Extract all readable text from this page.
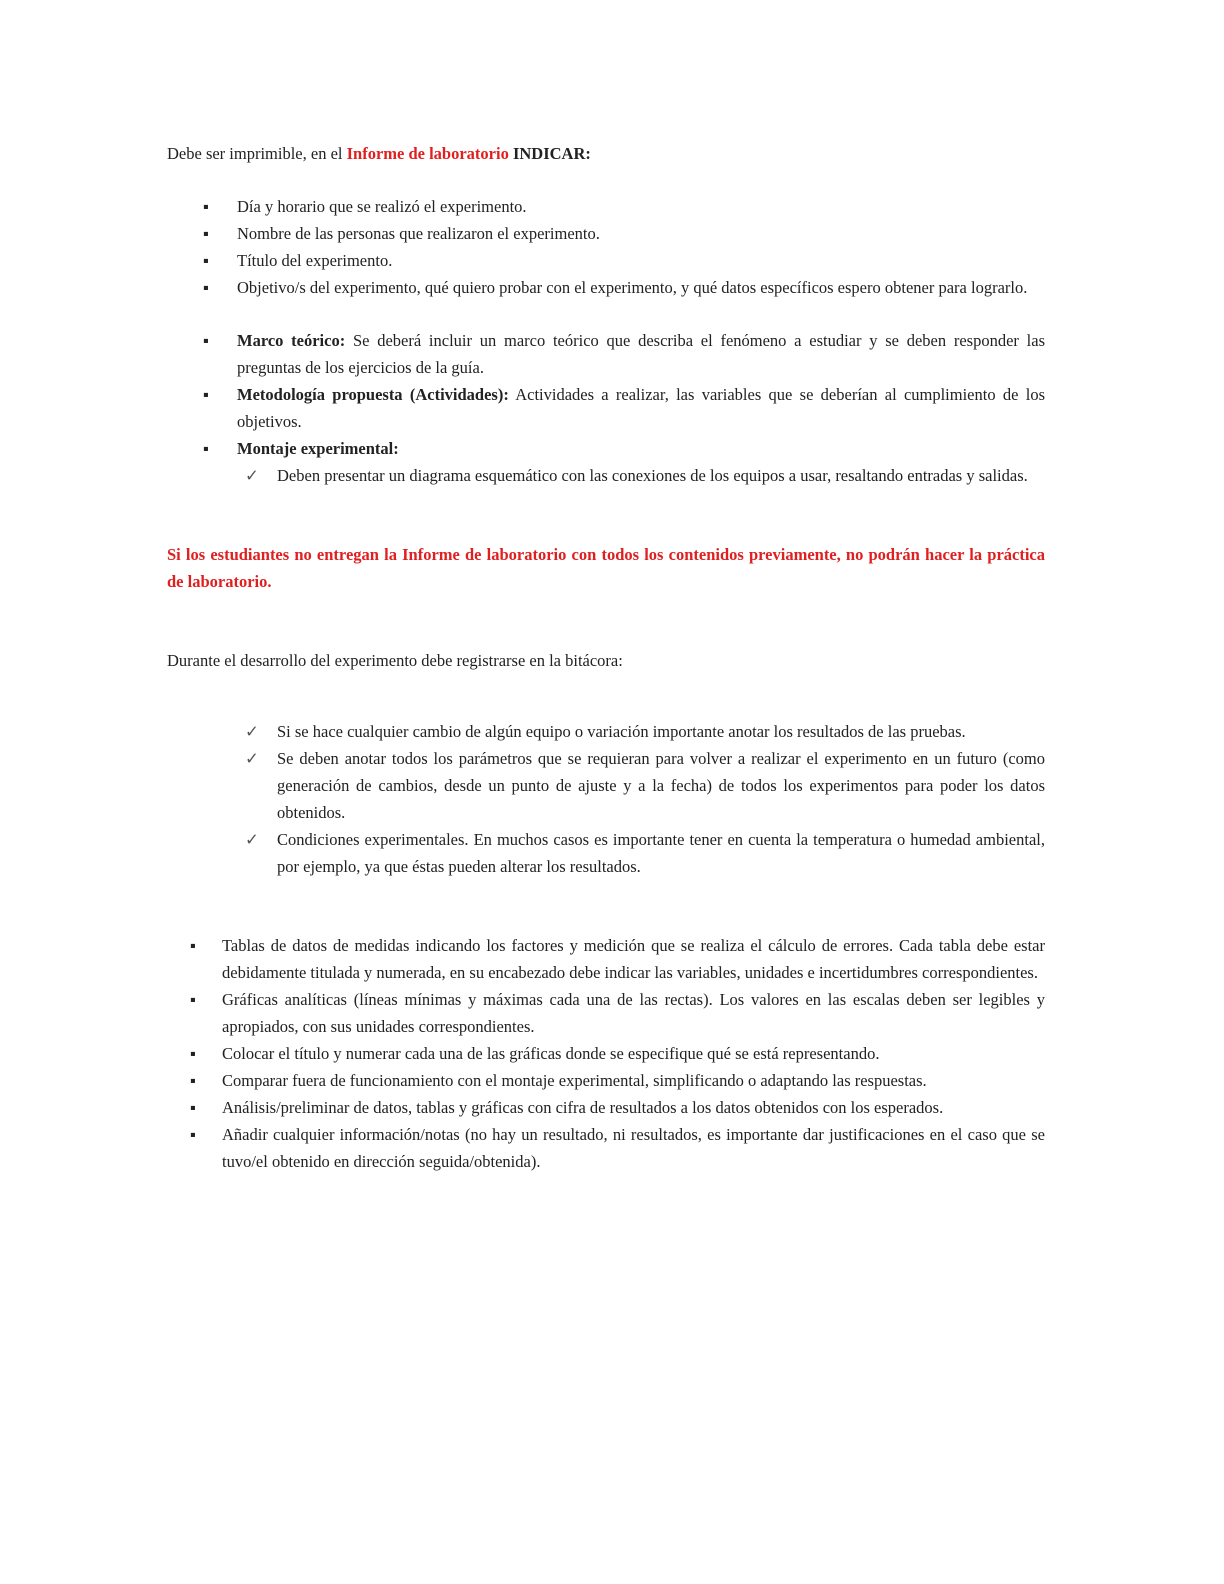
Debe ser imprimible, en el Informe de laboratorio INDICAR:

▪ Día y horario que se realizó el experimento.
▪ Nombre de las personas que realizaron el experimento.
▪ Título del experimento.
▪ Objetivo/s del experimento, qué quiero probar con el experimento, y qué datos específicos espero obtener para lograrlo.
▪ Marco teórico: Se deberá incluir un marco teórico que describa el fenómeno a estudiar y se deben responder las preguntas de los ejercicios de la guía.
▪ Metodología propuesta (Actividades): Actividades a realizar, las variables que se deberían al cumplimiento de los objetivos.
▪ Montaje experimental:
✓ Deben presentar un diagrama esquemático con las conexiones de los equipos a usar, resaltando entradas y salidas.

Si los estudiantes no entregan la Informe de laboratorio con todos los contenidos previamente, no podrán hacer la práctica de laboratorio.

Durante el desarrollo del experimento debe registrarse en la bitácora:

✓ Si se hace cualquier cambio de algún equipo o variación importante anotar los resultados de las pruebas.
✓ Se deben anotar todos los parámetros que se requieran para volver a realizar el experimento en un futuro (como generación de cambios, desde un punto de ajuste y a la fecha) de todos los experimentos para poder los datos obtenidos.
✓ Condiciones experimentales. En muchos casos es importante tener en cuenta la temperatura o humedad ambiental, por ejemplo, ya que éstas pueden alterar los resultados.
▪ Tablas de datos de medidas indicando los factores y medición que se realiza el cálculo de errores. Cada tabla debe estar debidamente titulada y numerada, en su encabezado debe indicar las variables, unidades e incertidumbres correspondientes.
▪ Gráficas analíticas (líneas mínimas y máximas cada una de las rectas). Los valores en las escalas deben ser legibles y apropiados, con sus unidades correspondientes.
▪ Colocar el título y numerar cada una de las gráficas donde se especifique qué se está representando.
▪ Comparar fuera de funcionamiento con el montaje experimental, simplificando o adaptando las respuestas.
▪ Análisis/preliminar de datos, tablas y gráficas con cifra de resultados a los datos obtenidos con los esperados.
▪ Añadir cualquier información/notas (no hay un resultado, ni resultados, es importante dar justificaciones en el caso que se tuvo/el obtenido en dirección seguida/obtenida).
